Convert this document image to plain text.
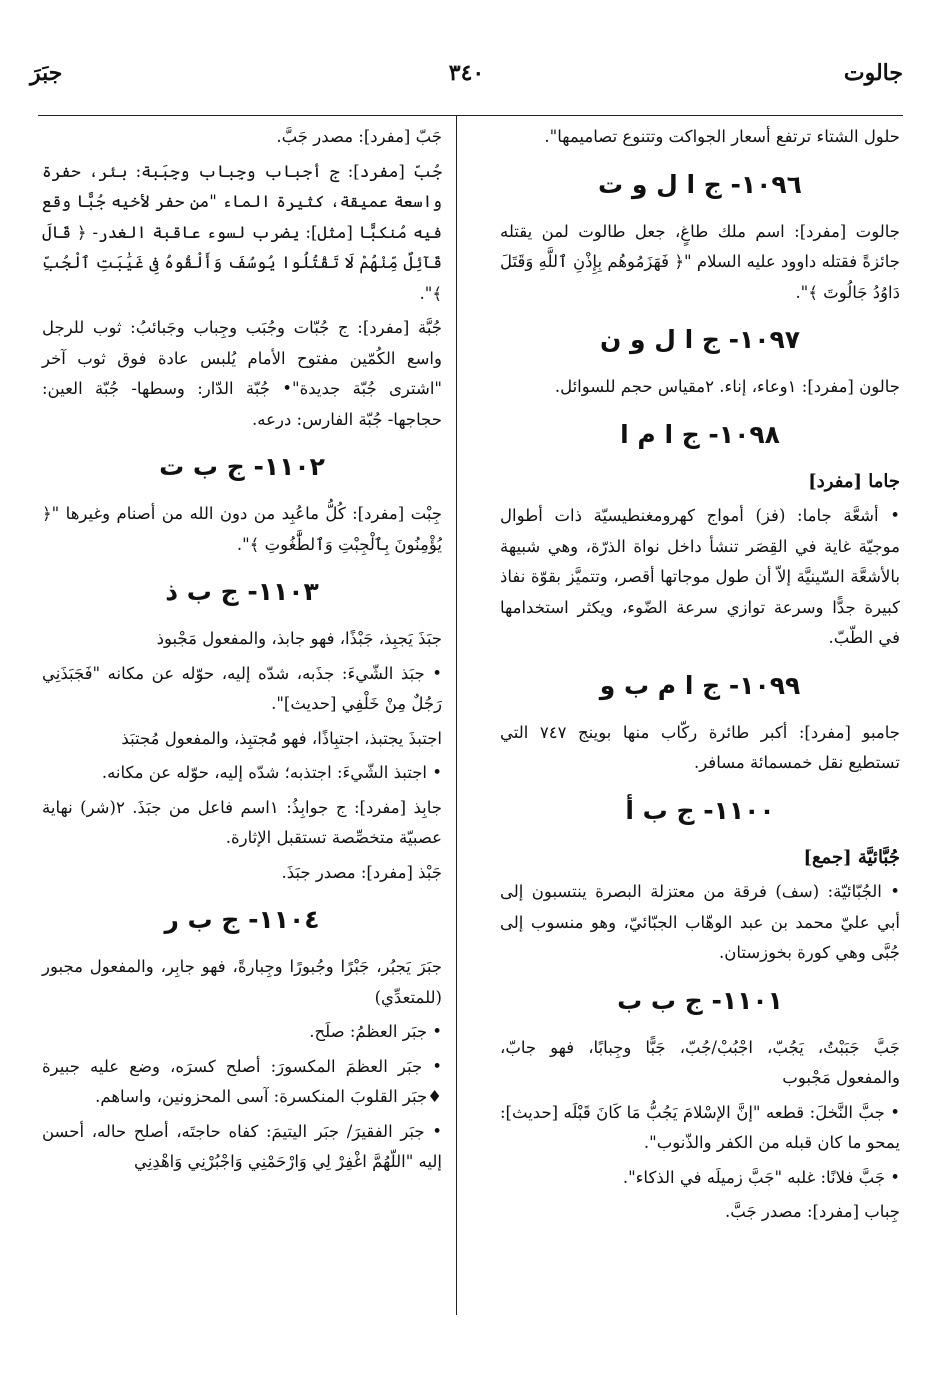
جالوت
٣٤٠
جبَرَ
حلول الشتاء ترتفع أسعار الجواكت وتتنوع تصاميمها".
١٠٩٦- ج ا ل و ت
جالوت [مفرد]: اسم ملك طاغٍ، جعل طالوت لمن يقتله جائزةً فقتله داوود عليه السلام "﴿ فَهَزَمُوهُم بِإِذْنِ ٱللَّهِ وَقَتَلَ دَاوُدُ جَالُوتَ ﴾".
١٠٩٧- ج ا ل و ن
جالون [مفرد]: ١وعاء، إناء. ٢مقياس حجم للسوائل.
١٠٩٨- ج ا م ا
جاما [مفرد]
• أشعَّة جاما: (فز) أمواج كهرومغنطيسيّة ذات أطوال موجيّة غاية في القِصَر تنشأ داخل نواة الذرّة، وهي شبيهة بالأشعَّة السّينيَّة إلاّ أن طول موجاتها أقصر، وتتميَّز بقوّة نفاذ كبيرة جدًّا وسرعة توازي سرعة الضّوء، ويكثر استخدامها في الطّبّ.
١٠٩٩- ج ا م ب و
جامبو [مفرد]: أكبر طائرة ركّاب منها بوينج ٧٤٧ التي تستطيع نقل خمسمائة مسافر.
١١٠٠- ج ب أ
جُبَّائيَّة [جمع]
• الجُبّائيّة: (سف) فرقة من معتزلة البصرة ينتسبون إلى أبي عليّ محمد بن عبد الوهّاب الجبّائيّ، وهو منسوب إلى جُبَّى وهي كورة بخوزستان.
١١٠١- ج ب ب
جَبَّ جَبَبْتُ، يَجُبّ، اجْبُبْ/جُبّ، جَبًّا وجِبابًا، فهو جابّ، والمفعول مَجْبوب
• جبَّ النَّخلَ: قطعه "إنَّ الإسْلامَ يَجُبُّ مَا كَانَ قَبْلَه [حديث]: يمحو ما كان قبله من الكفر والذّنوب".
• جَبَّ فلانًا: غلبه "جَبَّ زميلَه في الذكاء".
جِباب [مفرد]: مصدر جَبَّ.
جَبّ [مفرد]: مصدر جَبَّ.
جُبّ [مفرد]: ج أجباب وجِباب وجِبَبة: بئر، حفرة واسعة عميقة، كثيرة الماء "من حفر لأخيه جُبًّا وقع فيه مُنكبًّا [مثل]: يضرب لسوء عاقبة الغدر- ﴿ قَالَ قَآئِلٌ مِّنْهُمْ لَا تَقْتُلُوا يُوسُفَ وَأَلْقُوهُ فِى غَيَٰبَتِ ٱلْجُبِّ ﴾".
جُبَّة [مفرد]: ج جُبّات وجُبَب وجِباب وجَبائبُ: ثوب للرجل واسع الكُمّين مفتوح الأمام يُلبس عادة فوق ثوب آخر "اشترى جُبّة جديدة"• جُبّة الدّار: وسطها- جُبّة العين: حجاجها- جُبّة الفارس: درعه.
١١٠٢- ج ب ت
جِبْت [مفرد]: كُلُّ ماعُبِد من دون الله من أصنام وغيرها "﴿ يُؤْمِنُونَ بِٱلْجِبْتِ وَٱلطَّٰغُوتِ ﴾".
١١٠٣- ج ب ذ
جبَذَ يَجبِذ، جَبْذًا، فهو جابذ، والمفعول مَجْبوذ
• جبَذ الشّيءَ: جذَبه، شدّه إليه، حوّله عن مكانه "فَجَبَذَنِي رَجُلٌ مِنْ خَلْفِي [حديث]".
اجتبذَ يجتبذ، اجتبِاذًا، فهو مُجتبِذ، والمفعول مُجتبَذ
• اجتبذ الشّيءَ: اجتذبه؛ شدّه إليه، حوّله عن مكانه.
جابِذ [مفرد]: ج جوابِذُ: ١اسم فاعل من جبَذَ. ٢(شر) نهاية عصبيّة متخصِّصة تستقبل الإثارة.
جَبْذ [مفرد]: مصدر جبَذَ.
١١٠٤- ج ب ر
جبَرَ يَجبُر، جَبْرًا وجُبورًا وجِبارةً، فهو جابِر، والمفعول مجبور (للمتعدِّي)
• جبَر العظمُ: صلَح.
• جبَر العظمَ المكسورَ: أصلح كسرَه، وضع عليه جبيرة ♦جبَر القلوبَ المنكسرة: آسى المحزونين، واساهم.
• جبَر الفقيرَ/ جبَر اليتيمَ: كفاه حاجتَه، أصلح حاله، أحسن إليه "اللّهُمَّ اغْفِرْ لِي وَارْحَمْنِي وَاجْبُرْنِي وَاهْدِنِي
